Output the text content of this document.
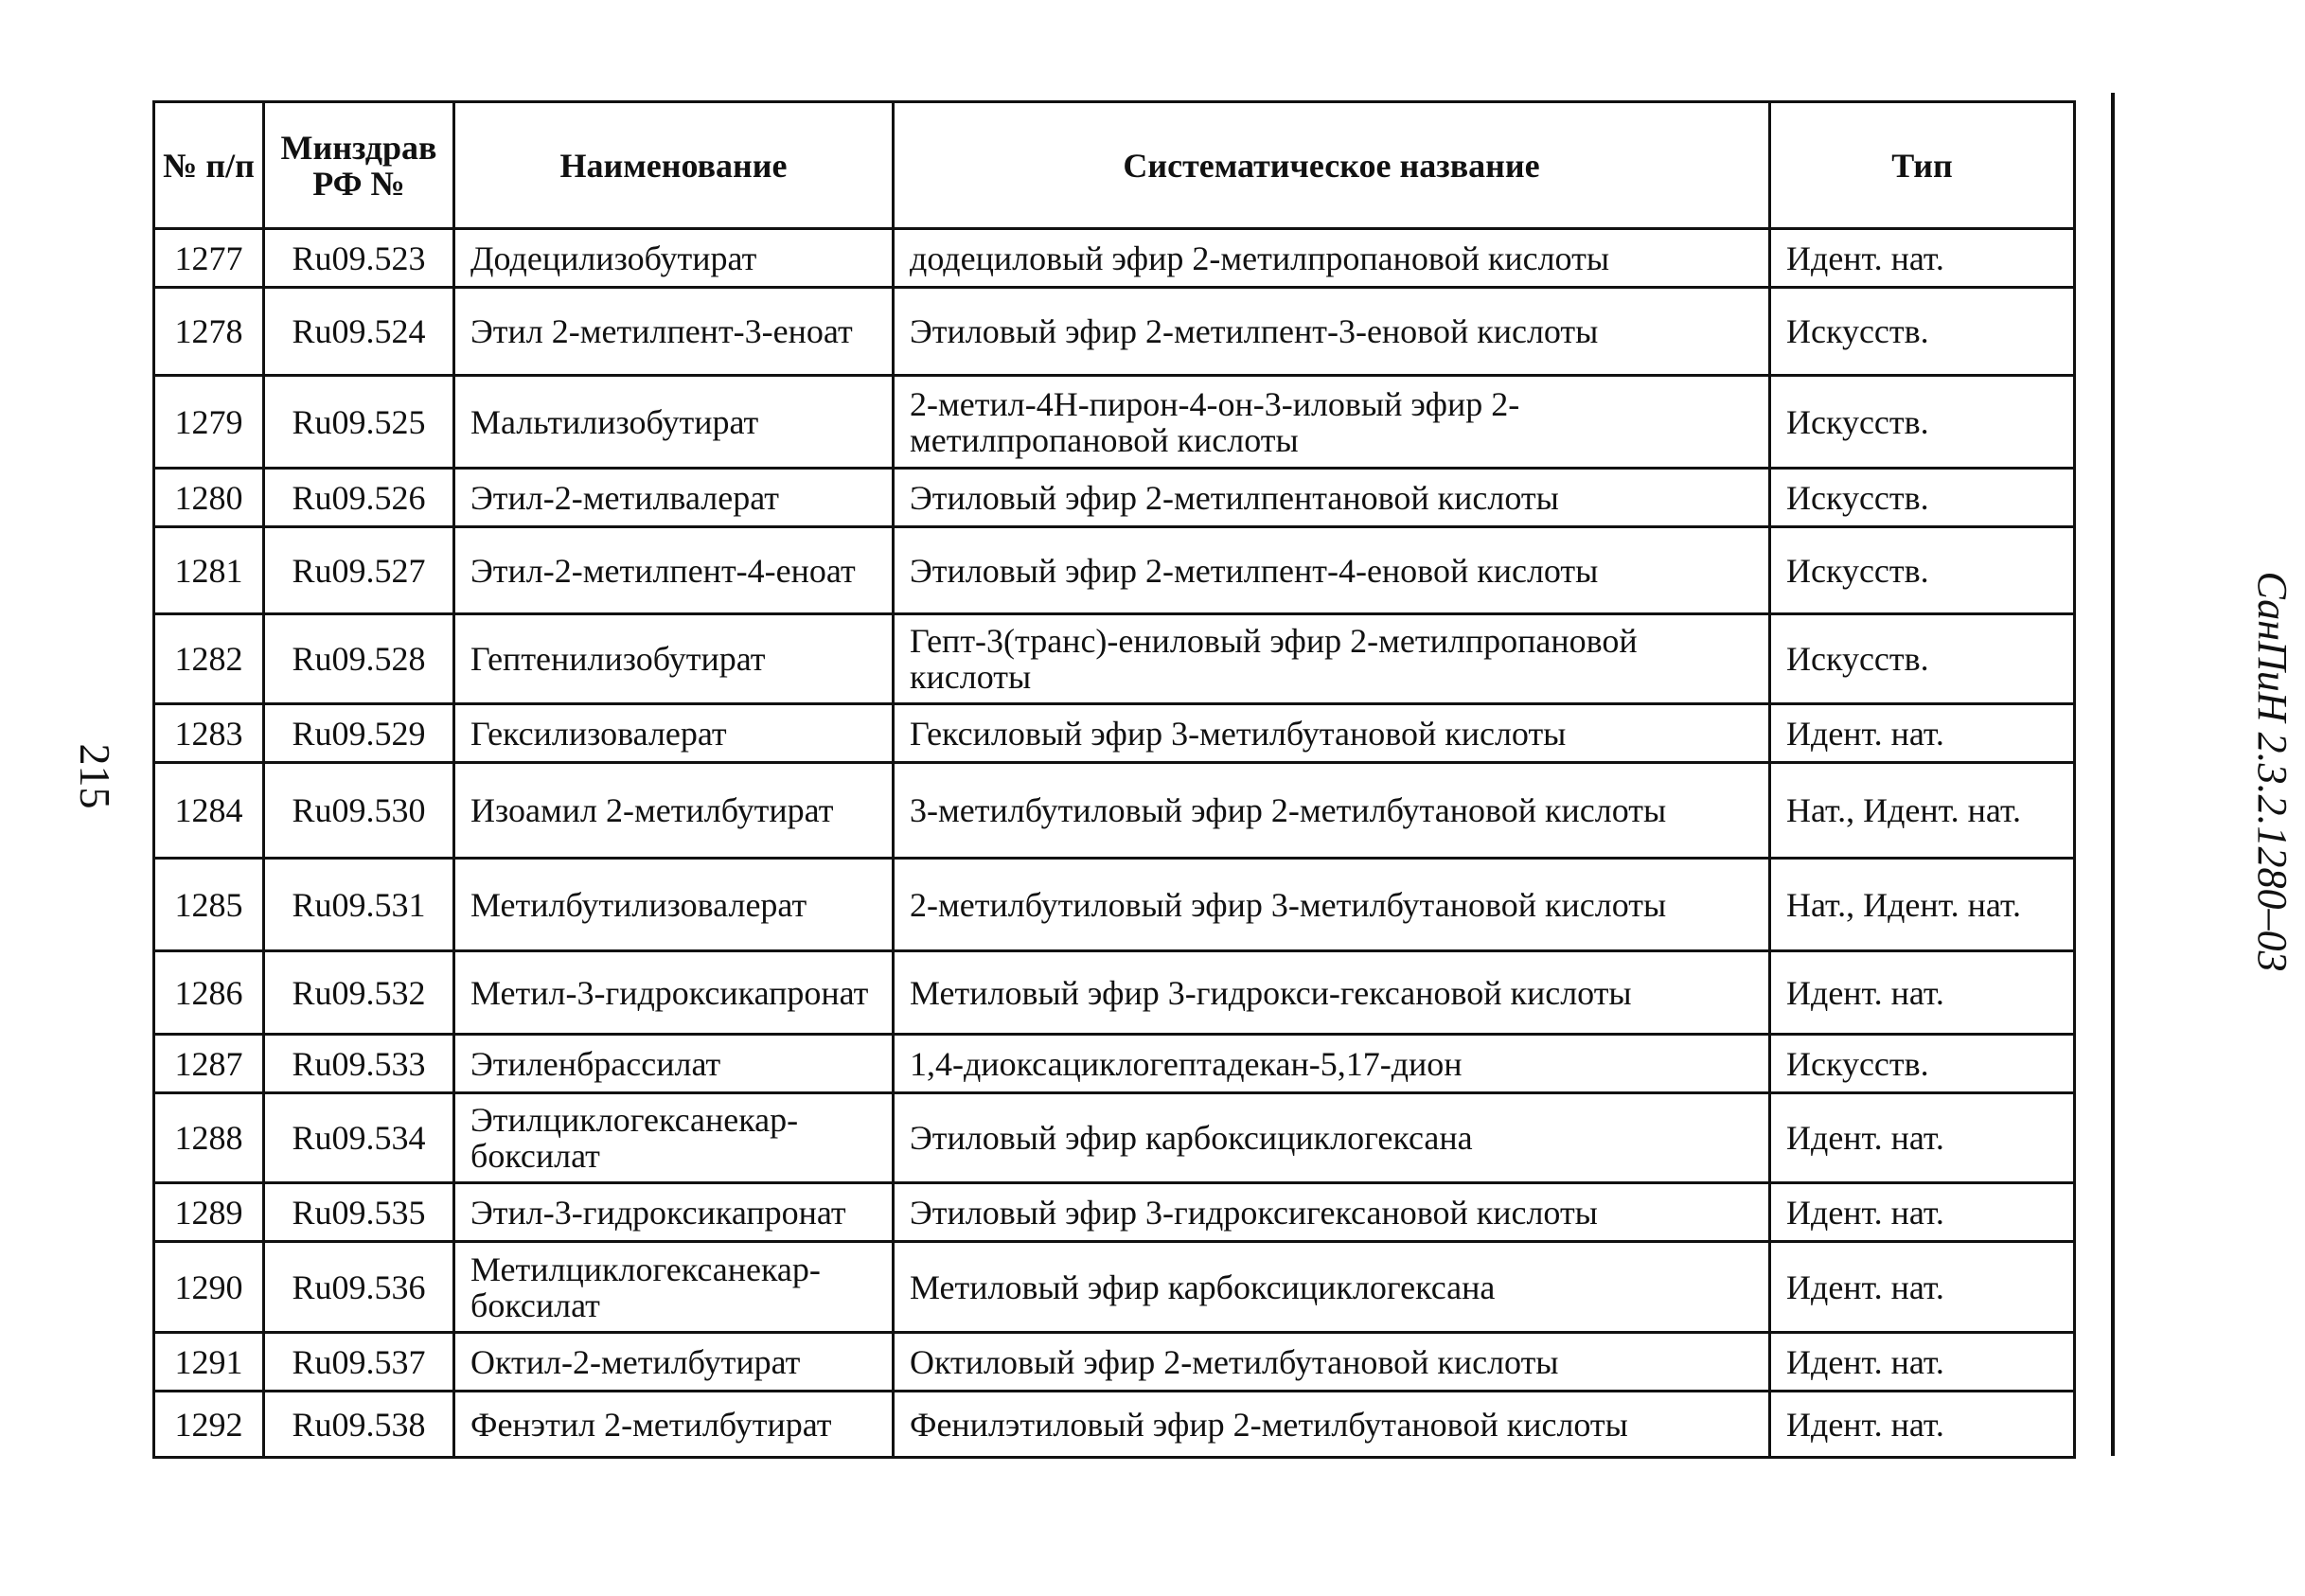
215	СанПиН 2.3.2.1280–03
№ п/п	Минздрав РФ №	Наименование	Систематическое название	Тип
1277	Ru09.523	Додецилизобутират	додециловый эфир 2-метилпропановой кислоты	Идент. нат.
1278	Ru09.524	Этил 2-метилпент-3-еноат	Этиловый эфир 2-метилпент-3-еновой кислоты	Искусств.
1279	Ru09.525	Мальтилизобутират	2-метил-4Н-пирон-4-он-3-иловый эфир 2-метилпропановой кислоты	Искусств.
1280	Ru09.526	Этил-2-метилвалерат	Этиловый эфир 2-метилпентановой кислоты	Искусств.
1281	Ru09.527	Этил-2-метилпент-4-еноат	Этиловый эфир 2-метилпент-4-еновой кислоты	Искусств.
1282	Ru09.528	Гептенилизобутират	Гепт-3(транс)-ениловый эфир 2-метилпропановой кислоты	Искусств.
1283	Ru09.529	Гексилизовалерат	Гексиловый эфир 3-метилбутановой кислоты	Идент. нат.
1284	Ru09.530	Изоамил 2-метилбутират	3-метилбутиловый эфир 2-метилбутановой кислоты	Нат., Идент. нат.
1285	Ru09.531	Метилбутилизовалерат	2-метилбутиловый эфир 3-метилбутановой кислоты	Нат., Идент. нат.
1286	Ru09.532	Метил-3-гидроксикапронат	Метиловый эфир 3-гидрокси-гексановой кислоты	Идент. нат.
1287	Ru09.533	Этиленбрассилат	1,4-диоксациклогептадекан-5,17-дион	Искусств.
1288	Ru09.534	Этилциклогексанекар-боксилат	Этиловый эфир карбоксициклогексана	Идент. нат.
1289	Ru09.535	Этил-3-гидроксикапронат	Этиловый эфир 3-гидроксигексановой кислоты	Идент. нат.
1290	Ru09.536	Метилциклогексанекар-боксилат	Метиловый эфир карбоксициклогексана	Идент. нат.
1291	Ru09.537	Октил-2-метилбутират	Октиловый эфир 2-метилбутановой кислоты	Идент. нат.
1292	Ru09.538	Фенэтил 2-метилбутират	Фенилэтиловый эфир 2-метилбутановой кислоты	Идент. нат.
